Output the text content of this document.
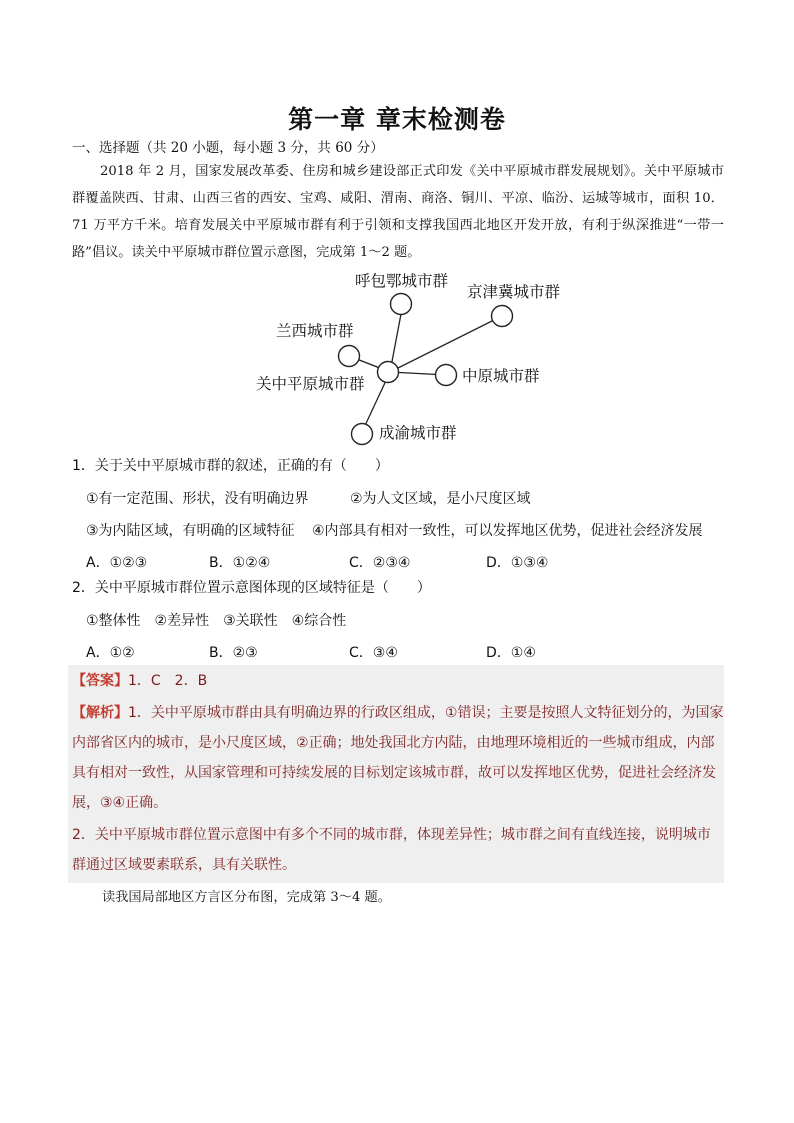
第一章 章末检测卷
一、选择题（共 20 小题，每小题 3 分，共 60 分）
2018 年 2 月，国家发展改革委、住房和城乡建设部正式印发《关中平原城市群发展规划》。关中平原城市群覆盖陕西、甘肃、山西三省的西安、宝鸡、咸阳、渭南、商洛、铜川、平凉、临汾、运城等城市，面积 10．71 万平方千米。培育发展关中平原城市群有利于引领和支撑我国西北地区开发开放，有利于纵深推进“一带一路”倡议。读关中平原城市群位置示意图，完成第 1～2 题。
呼包鄂城市群
京津冀城市群
兰西城市群
中原城市群
成渝城市群
关中平原城市群
1．关于关中平原城市群的叙述，正确的有（　　）
①有一定范围、形状，没有明确边界	②为人文区域，是小尺度区域
③为内陆区域，有明确的区域特征 ④内部具有相对一致性，可以发挥地区优势，促进社会经济发展
A．①②③	B．①②④	C．②③④	D．①③④
2．关中平原城市群位置示意图体现的区域特征是（　　）
①整体性　②差异性　③关联性　④综合性
A．①②	B．②③	C．③④	D．①④
【答案】1．C　2．B
【解析】1．关中平原城市群由具有明确边界的行政区组成，①错误；主要是按照人文特征划分的，为国家内部省区内的城市，是小尺度区域，②正确；地处我国北方内陆，由地理环境相近的一些城市组成，内部具有相对一致性，从国家管理和可持续发展的目标划定该城市群，故可以发挥地区优势，促进社会经济发展，③④正确。
2．关中平原城市群位置示意图中有多个不同的城市群，体现差异性；城市群之间有直线连接，说明城市群通过区域要素联系，具有关联性。
读我国局部地区方言区分布图，完成第 3～4 题。
